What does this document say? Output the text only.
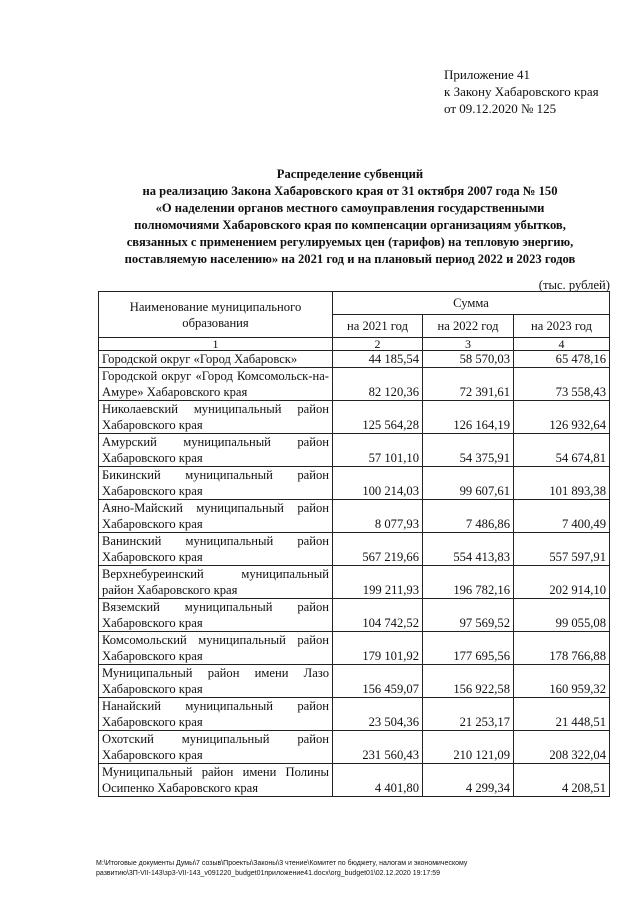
Приложение 41
к Закону Хабаровского края
от 09.12.2020 № 125
Распределение субвенций
на реализацию Закона Хабаровского края от 31 октября 2007 года № 150
«О наделении органов местного самоуправления государственными
полномочиями Хабаровского края по компенсации организациям убытков,
связанных с применением регулируемых цен (тарифов) на тепловую энергию,
поставляемую населению» на 2021 год и на плановый период 2022 и 2023 годов
(тыс. рублей)
Наименование муниципального образования	Сумма		
	на 2021 год	на 2022 год	на 2023 год
1	2	3	4
Городской округ «Город Хабаровск»	44 185,54	58 570,03	65 478,16
Городской округ «Город Комсомольск-на-Амуре» Хабаровского края	82 120,36	72 391,61	73 558,43
Николаевский муниципальный район Хабаровского края	125 564,28	126 164,19	126 932,64
Амурский муниципальный район Хабаровского края	57 101,10	54 375,91	54 674,81
Бикинский муниципальный район Хабаровского края	100 214,03	99 607,61	101 893,38
Аяно-Майский муниципальный район Хабаровского края	8 077,93	7 486,86	7 400,49
Ванинский муниципальный район Хабаровского края	567 219,66	554 413,83	557 597,91
Верхнебуреинский муниципальный район Хабаровского края	199 211,93	196 782,16	202 914,10
Вяземский муниципальный район Хабаровского края	104 742,52	97 569,52	99 055,08
Комсомольский муниципальный район Хабаровского края	179 101,92	177 695,56	178 766,88
Муниципальный район имени Лазо Хабаровского края	156 459,07	156 922,58	160 959,32
Нанайский муниципальный район Хабаровского края	23 504,36	21 253,17	21 448,51
Охотский муниципальный район Хабаровского края	231 560,43	210 121,09	208 322,04
Муниципальный район имени Полины Осипенко Хабаровского края	4 401,80	4 299,34	4 208,51
M:\Итоговые документы Думы\7 созыв\Проекты\Законы\3 чтение\Комитет по бюджету, налогам и экономическому
развитию\3П-VII-143\зр3-VII-143_v091220_budget01приложение41.docx\org_budget01\02.12.2020 19:17:59
